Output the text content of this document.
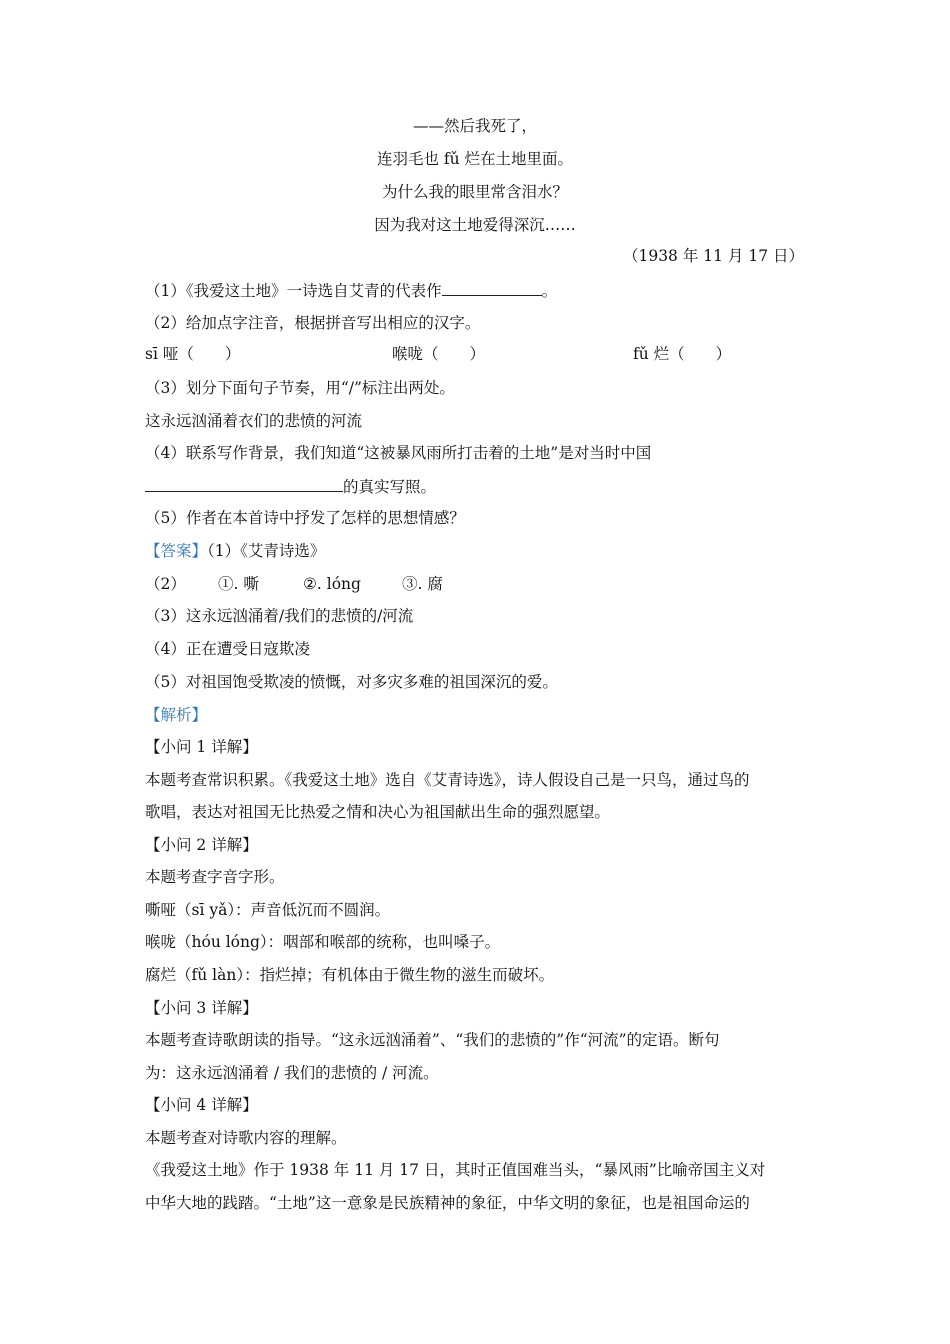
——然后我死了，
连羽毛也 fǔ 烂在土地里面。
为什么我的眼里常含泪水？
因为我对这土地爱得深沉……
（1938 年 11 月 17 日）
（1）《我爱这土地》一诗选自艾青的代表作	。
（2）给加点字注音，根据拼音写出相应的汉字。
sī 哑（　　）	喉咙（　　）	fǔ 烂（　　）
（3）划分下面句子节奏，用“/”标注出两处。
这永远汹涌着衣们的悲愤的河流
（4）联系写作背景，我们知道“这被暴风雨所打击着的土地”是对当时中国
的真实写照。
（5）作者在本首诗中抒发了怎样的思想情感？
【答案】（1）《艾青诗选》
（2） ①. 嘶	②. lóng	③. 腐
（3）这永远汹涌着/我们的悲愤的/河流
（4）正在遭受日寇欺凌
（5）对祖国饱受欺凌的愤慨，对多灾多难的祖国深沉的爱。
【解析】
【小问 1 详解】
本题考查常识积累。《我爱这土地》选自《艾青诗选》，诗人假设自己是一只鸟，通过鸟的
歌唱，表达对祖国无比热爱之情和决心为祖国献出生命的强烈愿望。
【小问 2 详解】
本题考查字音字形。
嘶哑（sī yǎ）：声音低沉而不圆润。
喉咙（hóu lóng）：咽部和喉部的统称，也叫嗓子。
腐烂（fǔ làn）：指烂掉；有机体由于微生物的滋生而破坏。
【小问 3 详解】
本题考查诗歌朗读的指导。“这永远汹涌着”、“我们的悲愤的”作“河流”的定语。断句
为：这永远汹涌着 / 我们的悲愤的 / 河流。
【小问 4 详解】
本题考查对诗歌内容的理解。
《我爱这土地》作于 1938 年 11 月 17 日，其时正值国难当头，“暴风雨”比喻帝国主义对
中华大地的践踏。“土地”这一意象是民族精神的象征，中华文明的象征，也是祖国命运的
